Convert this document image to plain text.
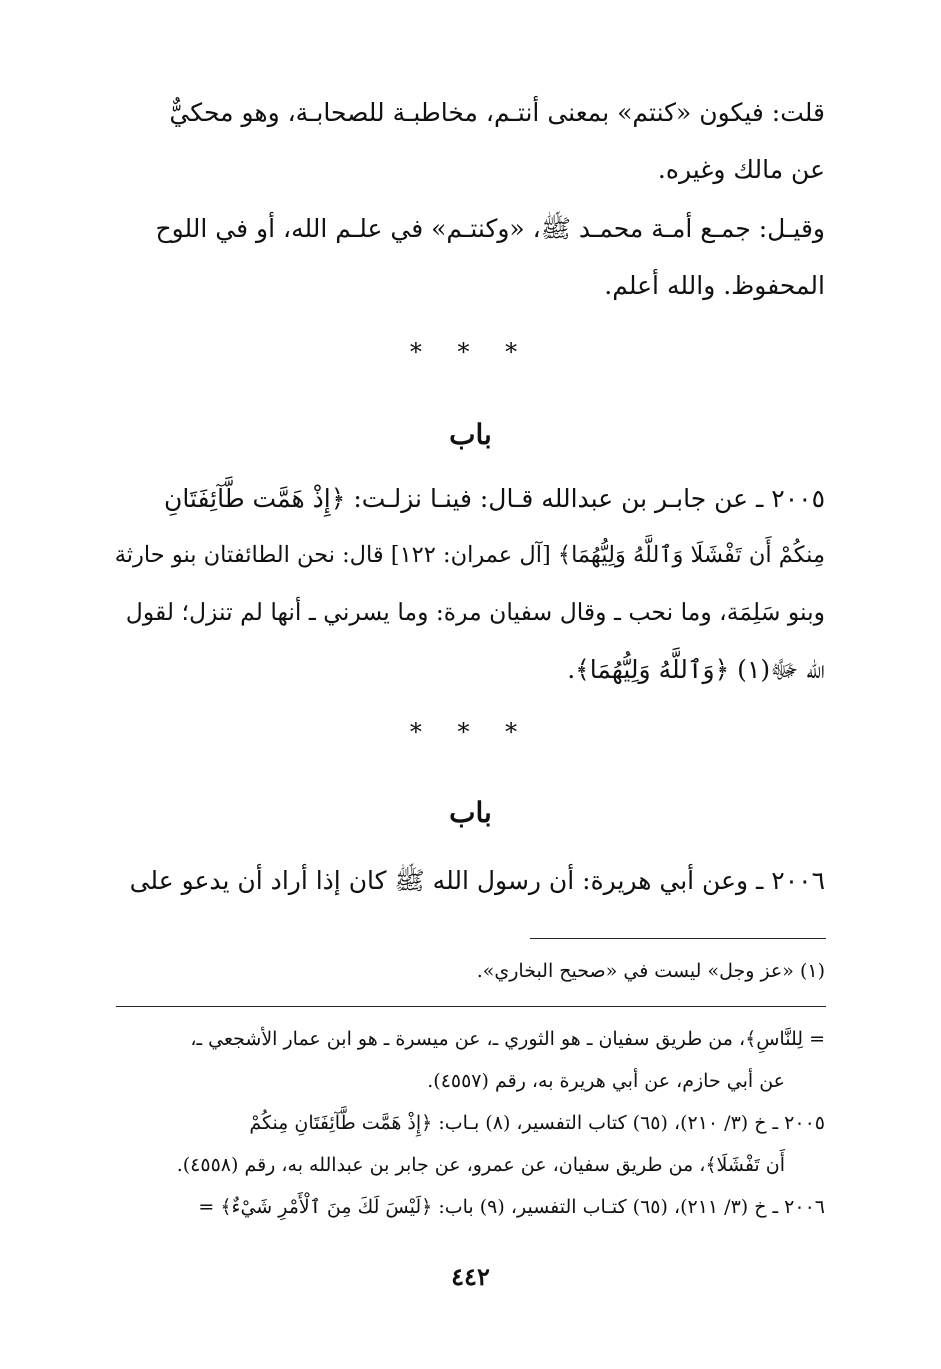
قلت: فيكون «كنتم» بمعنى أنتـم، مخاطبـة للصحابـة، وهو محكيٌّ
عن مالك وغيره.
وقيـل: جمـع أمـة محمـد ﷺ، «وكنتـم» في علـم الله، أو في اللوح
المحفوظ. والله أعلم.
* * *
باب
٢٠٠٥ ـ عن جابـر بن عبدالله قـال: فينـا نزلـت: ﴿إِذْ هَمَّت طَّآئِفَتَانِ
مِنكُمْ أَن تَفْشَلَا وَٱللَّهُ وَلِيُّهُمَا﴾ [آل عمران: ١٢٢] قال: نحن الطائفتان بنو حارثة
وبنو سَلِمَة، وما نحب ـ وقال سفيان مرة: وما يسرني ـ أنها لم تنزل؛ لقول
الله ﷻ(١) ﴿وَٱللَّهُ وَلِيُّهُمَا﴾.
* * *
باب
٢٠٠٦ ـ وعن أبي هريرة: أن رسول الله ﷺ كان إذا أراد أن يدعو على
(١) «عز وجل» ليست في «صحيح البخاري».
= لِلنَّاسِ﴾، من طريق سفيان ـ هو الثوري ـ، عن ميسرة ـ هو ابن عمار الأشجعي ـ،
عن أبي حازم، عن أبي هريرة به، رقم (٤٥٥٧).
٢٠٠٥ ـ خ (٣/ ٢١٠)، (٦٥) كتاب التفسير، (٨) بـاب: ﴿إِذْ هَمَّت طَّآئِفَتَانِ مِنكُمْ
أَن تَفْشَلَا﴾، من طريق سفيان، عن عمرو، عن جابر بن عبدالله به، رقم (٤٥٥٨).
٢٠٠٦ ـ خ (٣/ ٢١١)، (٦٥) كتـاب التفسير، (٩) باب: ﴿لَيْسَ لَكَ مِنَ ٱلْأَمْرِ شَيْءٌ﴾ =
٤٤٢
